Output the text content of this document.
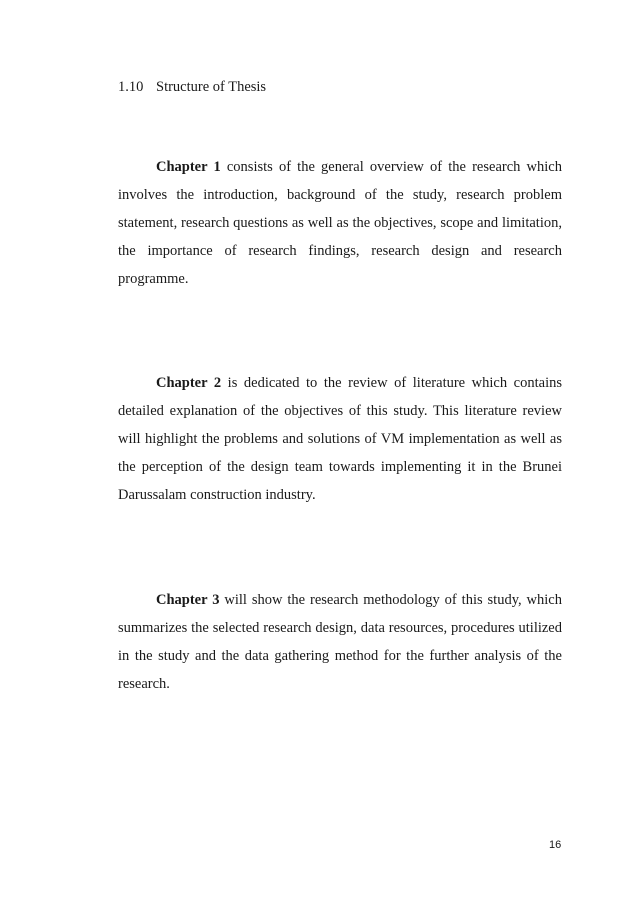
1.10 Structure of Thesis

Chapter 1 consists of the general overview of the research which involves the introduction, background of the study, research problem statement, research questions as well as the objectives, scope and limitation, the importance of research findings, research design and research programme.

Chapter 2 is dedicated to the review of literature which contains detailed explanation of the objectives of this study. This literature review will highlight the problems and solutions of VM implementation as well as the perception of the design team towards implementing it in the Brunei Darussalam construction industry.

Chapter 3 will show the research methodology of this study, which summarizes the selected research design, data resources, procedures utilized in the study and the data gathering method for the further analysis of the research.

16
